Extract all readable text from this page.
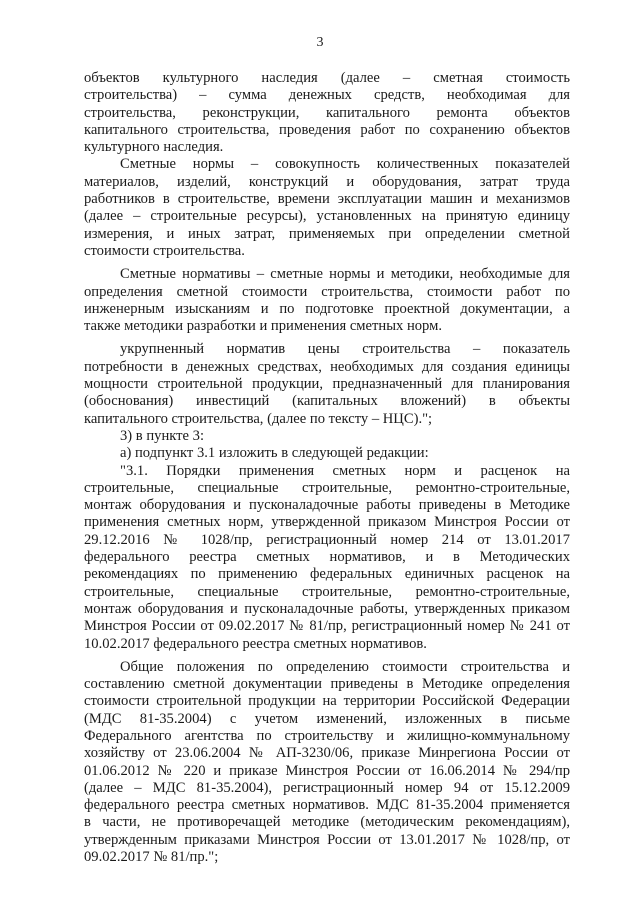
3
объектов культурного наследия (далее – сметная стоимость
строительства) – сумма денежных средств, необходимая для
строительства, реконструкции, капитального ремонта объектов
капитального строительства, проведения работ по сохранению объектов
культурного наследия.
Сметные нормы – совокупность количественных показателей
материалов, изделий, конструкций и оборудования, затрат труда
работников в строительстве, времени эксплуатации машин и механизмов
(далее – строительные ресурсы), установленных на принятую единицу
измерения, и иных затрат, применяемых при определении сметной
стоимости строительства.
Сметные нормативы – сметные нормы и методики, необходимые для
определения сметной стоимости строительства, стоимости работ по
инженерным изысканиям и по подготовке проектной документации, а
также методики разработки и применения сметных норм.
укрупненный норматив цены строительства – показатель
потребности в денежных средствах, необходимых для создания единицы
мощности строительной продукции, предназначенный для планирования
(обоснования) инвестиций (капитальных вложений) в объекты
капитального строительства, (далее по тексту – НЦС).";
3) в пункте 3:
а) подпункт 3.1 изложить в следующей редакции:
"3.1. Порядки применения сметных норм и расценок на
строительные, специальные строительные, ремонтно-строительные,
монтаж оборудования и пусконаладочные работы приведены в Методике
применения сметных норм, утвержденной приказом Минстроя России от
29.12.2016 № 1028/пр, регистрационный номер 214 от 13.01.2017
федерального реестра сметных нормативов, и в Методических
рекомендациях по применению федеральных единичных расценок на
строительные, специальные строительные, ремонтно-строительные,
монтаж оборудования и пусконаладочные работы, утвержденных приказом
Минстроя России от 09.02.2017 № 81/пр, регистрационный номер № 241 от
10.02.2017 федерального реестра сметных нормативов.
Общие положения по определению стоимости строительства и
составлению сметной документации приведены в Методике определения
стоимости строительной продукции на территории Российской Федерации
(МДС 81-35.2004) с учетом изменений, изложенных в письме
Федерального агентства по строительству и жилищно-коммунальному
хозяйству от 23.06.2004 № АП-3230/06, приказе Минрегиона России от
01.06.2012 № 220 и приказе Минстроя России от 16.06.2014 № 294/пр
(далее – МДС 81-35.2004), регистрационный номер 94 от 15.12.2009
федерального реестра сметных нормативов. МДС 81-35.2004 применяется
в части, не противоречащей методике (методическим рекомендациям),
утвержденным приказами Минстроя России от 13.01.2017 № 1028/пр, от
09.02.2017 № 81/пр.";
